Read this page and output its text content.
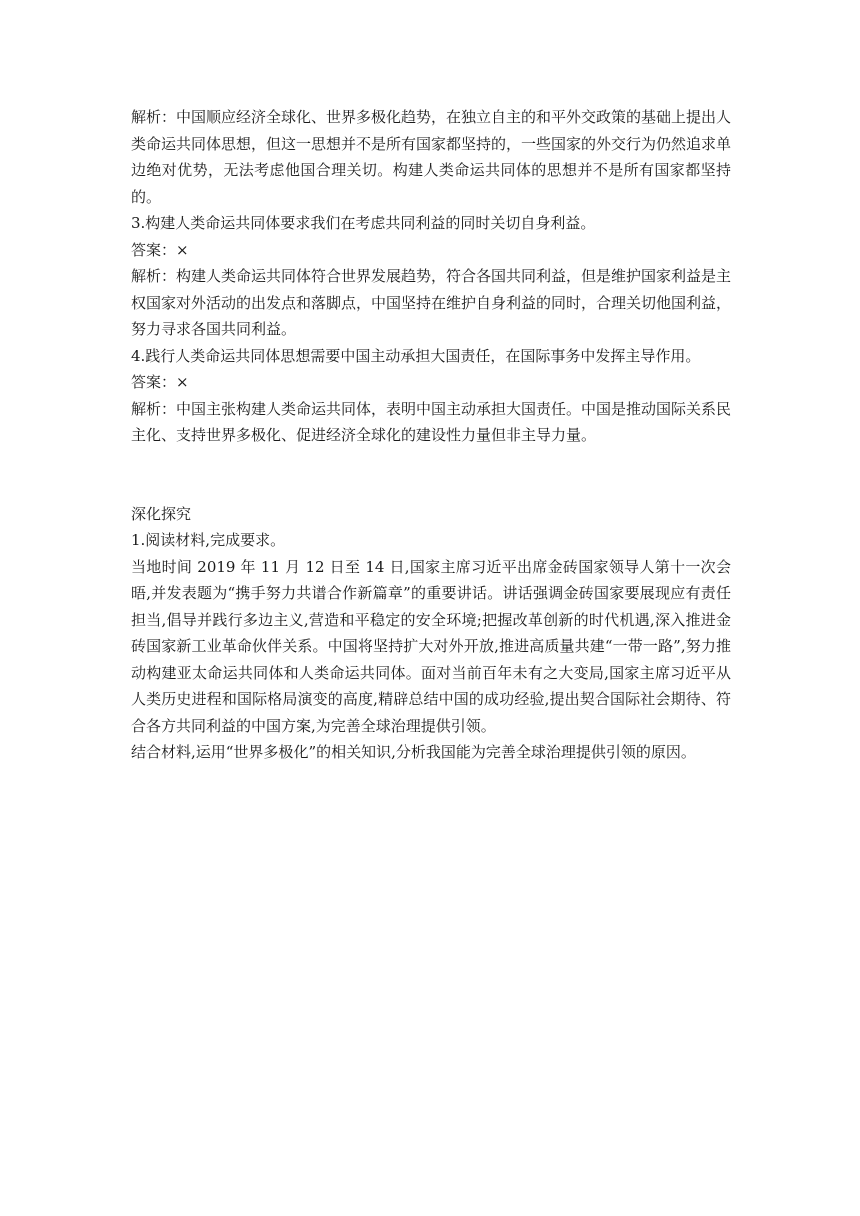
解析：中国顺应经济全球化、世界多极化趋势，在独立自主的和平外交政策的基础上提出人类命运共同体思想，但这一思想并不是所有国家都坚持的，一些国家的外交行为仍然追求单边绝对优势，无法考虑他国合理关切。构建人类命运共同体的思想并不是所有国家都坚持的。

3.构建人类命运共同体要求我们在考虑共同利益的同时关切自身利益。

答案：×

解析：构建人类命运共同体符合世界发展趋势，符合各国共同利益，但是维护国家利益是主权国家对外活动的出发点和落脚点，中国坚持在维护自身利益的同时，合理关切他国利益，努力寻求各国共同利益。

4.践行人类命运共同体思想需要中国主动承担大国责任，在国际事务中发挥主导作用。

答案：×

解析：中国主张构建人类命运共同体，表明中国主动承担大国责任。中国是推动国际关系民主化、支持世界多极化、促进经济全球化的建设性力量但非主导力量。

深化探究

1.阅读材料,完成要求。

当地时间 2019 年 11 月 12 日至 14 日,国家主席习近平出席金砖国家领导人第十一次会晤,并发表题为“携手努力共谱合作新篇章”的重要讲话。讲话强调金砖国家要展现应有责任担当,倡导并践行多边主义,营造和平稳定的安全环境;把握改革创新的时代机遇,深入推进金砖国家新工业革命伙伴关系。中国将坚持扩大对外开放,推进高质量共建“一带一路”,努力推动构建亚太命运共同体和人类命运共同体。面对当前百年未有之大变局,国家主席习近平从人类历史进程和国际格局演变的高度,精辟总结中国的成功经验,提出契合国际社会期待、符合各方共同利益的中国方案,为完善全球治理提供引领。

结合材料,运用“世界多极化”的相关知识,分析我国能为完善全球治理提供引领的原因。
